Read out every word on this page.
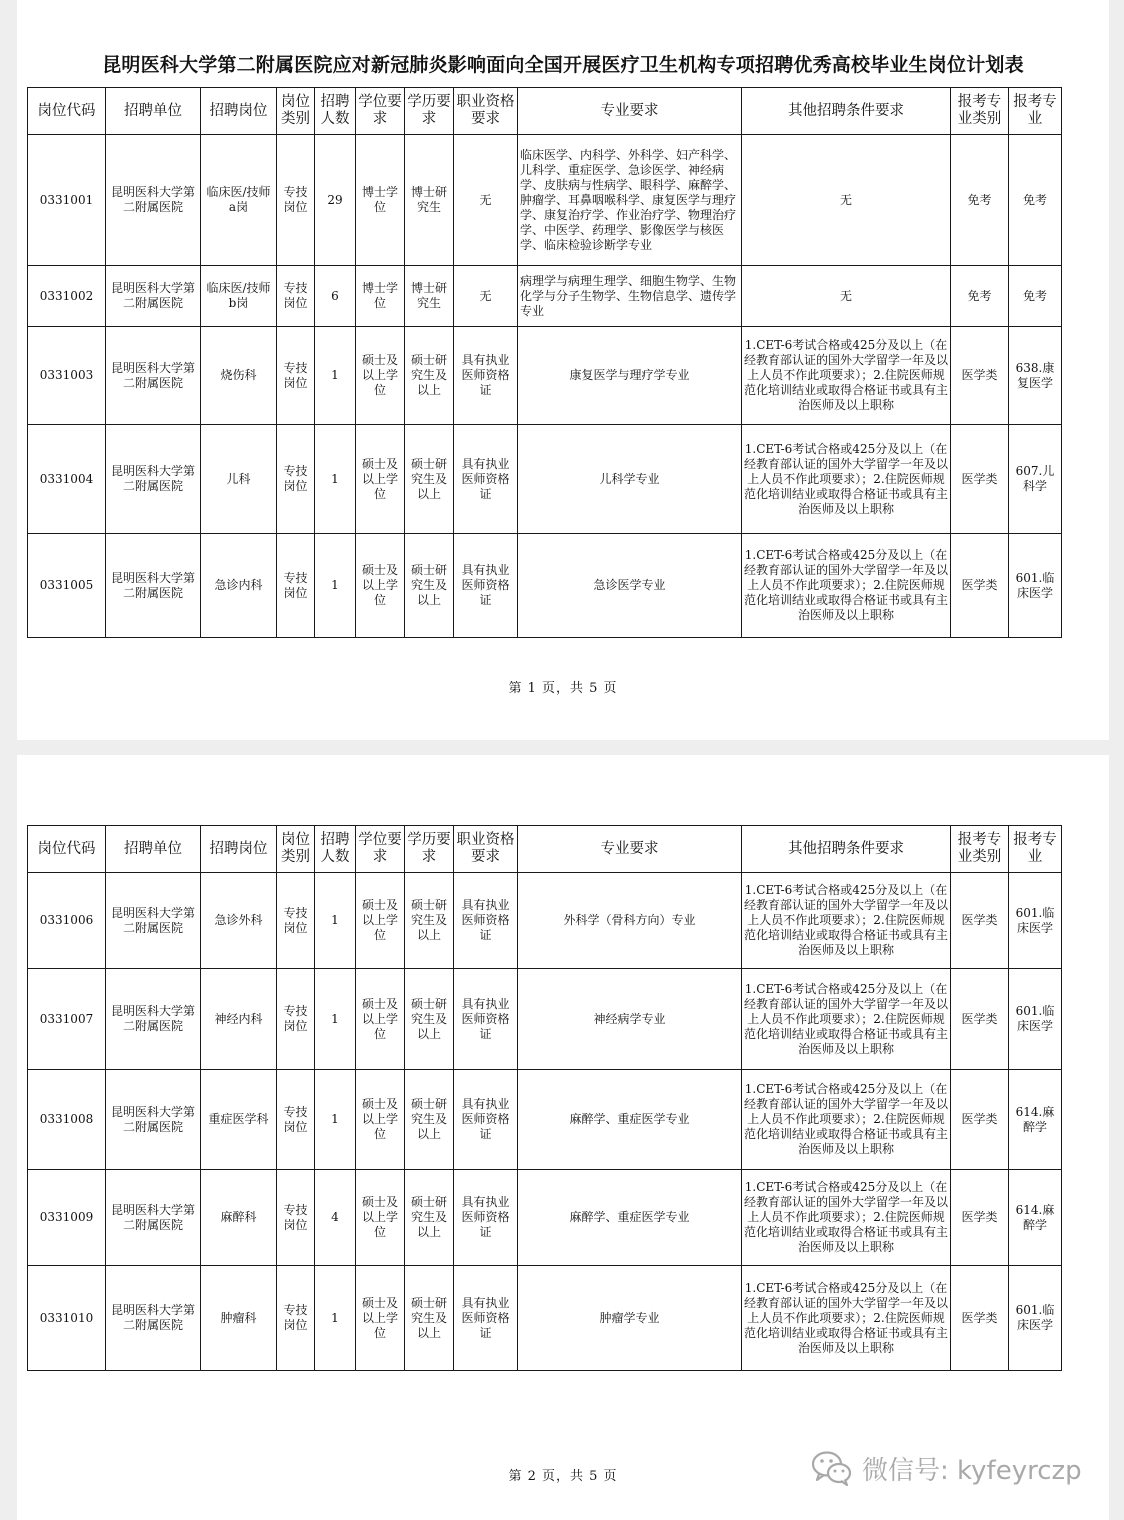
昆明医科大学第二附属医院应对新冠肺炎影响面向全国开展医疗卫生机构专项招聘优秀高校毕业生岗位计划表
岗位代码	招聘单位	招聘岗位	岗位类别	招聘人数	学位要求	学历要求	职业资格要求	专业要求	其他招聘条件要求	报考专业类别	报考专业
0331001	昆明医科大学第二附属医院	临床医/技师a岗	专技岗位	29	博士学位	博士研究生	无	临床医学、内科学、外科学、妇产科学、儿科学、重症医学、急诊医学、神经病学、皮肤病与性病学、眼科学、麻醉学、肿瘤学、耳鼻咽喉科学、康复医学与理疗学、康复治疗学、作业治疗学、物理治疗学、中医学、药理学、影像医学与核医学、临床检验诊断学专业	无	免考	免考
0331002	昆明医科大学第二附属医院	临床医/技师b岗	专技岗位	6	博士学位	博士研究生	无	病理学与病理生理学、细胞生物学、生物化学与分子生物学、生物信息学、遗传学专业	无	免考	免考
0331003	昆明医科大学第二附属医院	烧伤科	专技岗位	1	硕士及以上学位	硕士研究生及以上	具有执业医师资格证	康复医学与理疗学专业	1.CET-6考试合格或425分及以上（在经教育部认证的国外大学留学一年及以上人员不作此项要求）；2.住院医师规范化培训结业或取得合格证书或具有主治医师及以上职称	医学类	638.康复医学
0331004	昆明医科大学第二附属医院	儿科	专技岗位	1	硕士及以上学位	硕士研究生及以上	具有执业医师资格证	儿科学专业	1.CET-6考试合格或425分及以上（在经教育部认证的国外大学留学一年及以上人员不作此项要求）；2.住院医师规范化培训结业或取得合格证书或具有主治医师及以上职称	医学类	607.儿科学
0331005	昆明医科大学第二附属医院	急诊内科	专技岗位	1	硕士及以上学位	硕士研究生及以上	具有执业医师资格证	急诊医学专业	1.CET-6考试合格或425分及以上（在经教育部认证的国外大学留学一年及以上人员不作此项要求）；2.住院医师规范化培训结业或取得合格证书或具有主治医师及以上职称	医学类	601.临床医学
第 1 页，共 5 页
岗位代码	招聘单位	招聘岗位	岗位类别	招聘人数	学位要求	学历要求	职业资格要求	专业要求	其他招聘条件要求	报考专业类别	报考专业
0331006	昆明医科大学第二附属医院	急诊外科	专技岗位	1	硕士及以上学位	硕士研究生及以上	具有执业医师资格证	外科学（骨科方向）专业	1.CET-6考试合格或425分及以上（在经教育部认证的国外大学留学一年及以上人员不作此项要求）；2.住院医师规范化培训结业或取得合格证书或具有主治医师及以上职称	医学类	601.临床医学
0331007	昆明医科大学第二附属医院	神经内科	专技岗位	1	硕士及以上学位	硕士研究生及以上	具有执业医师资格证	神经病学专业	1.CET-6考试合格或425分及以上（在经教育部认证的国外大学留学一年及以上人员不作此项要求）；2.住院医师规范化培训结业或取得合格证书或具有主治医师及以上职称	医学类	601.临床医学
0331008	昆明医科大学第二附属医院	重症医学科	专技岗位	1	硕士及以上学位	硕士研究生及以上	具有执业医师资格证	麻醉学、重症医学专业	1.CET-6考试合格或425分及以上（在经教育部认证的国外大学留学一年及以上人员不作此项要求）；2.住院医师规范化培训结业或取得合格证书或具有主治医师及以上职称	医学类	614.麻醉学
0331009	昆明医科大学第二附属医院	麻醉科	专技岗位	4	硕士及以上学位	硕士研究生及以上	具有执业医师资格证	麻醉学、重症医学专业	1.CET-6考试合格或425分及以上（在经教育部认证的国外大学留学一年及以上人员不作此项要求）；2.住院医师规范化培训结业或取得合格证书或具有主治医师及以上职称	医学类	614.麻醉学
0331010	昆明医科大学第二附属医院	肿瘤科	专技岗位	1	硕士及以上学位	硕士研究生及以上	具有执业医师资格证	肿瘤学专业	1.CET-6考试合格或425分及以上（在经教育部认证的国外大学留学一年及以上人员不作此项要求）；2.住院医师规范化培训结业或取得合格证书或具有主治医师及以上职称	医学类	601.临床医学
第 2 页，共 5 页	微信号: kyfeyrczp
